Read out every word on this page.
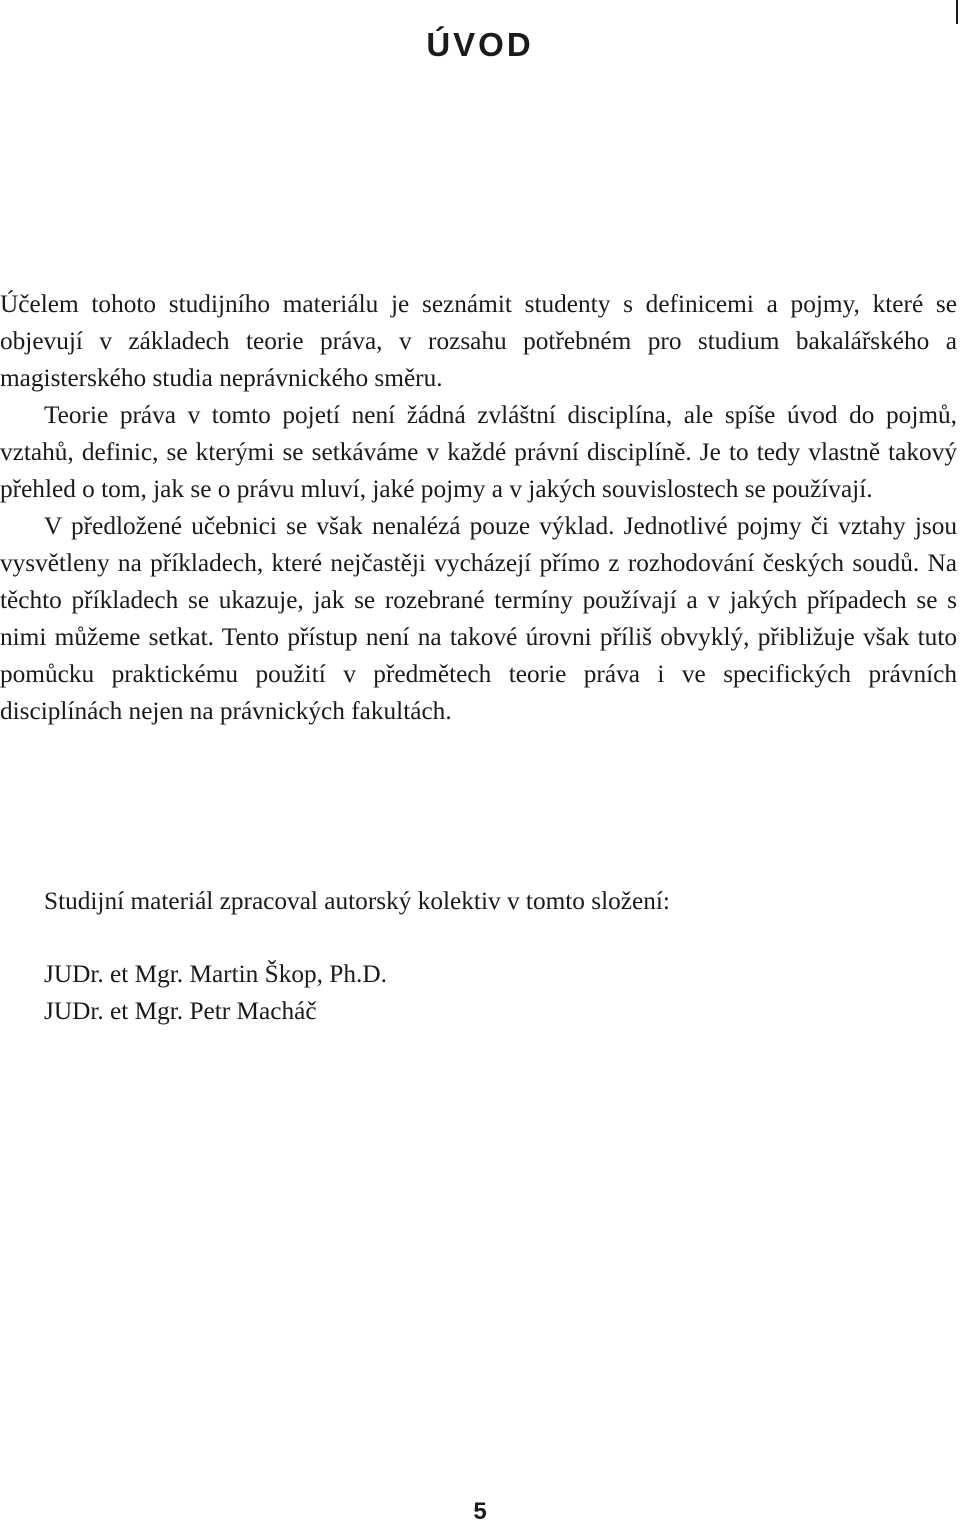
ÚVOD

Účelem tohoto studijního materiálu je seznámit studenty s definicemi a pojmy, které se objevují v základech teorie práva, v rozsahu potřebném pro studium bakalářského a magisterského studia neprávnického směru.

Teorie práva v tomto pojetí není žádná zvláštní disciplína, ale spíše úvod do pojmů, vztahů, definic, se kterými se setkáváme v každé právní disciplíně. Je to tedy vlastně takový přehled o tom, jak se o právu mluví, jaké pojmy a v jakých souvislostech se používají.

V předložené učebnici se však nenalézá pouze výklad. Jednotlivé pojmy či vztahy jsou vysvětleny na příkladech, které nejčastěji vycházejí přímo z rozhodování českých soudů. Na těchto příkladech se ukazuje, jak se rozebrané termíny používají a v jakých případech se s nimi můžeme setkat. Tento přístup není na takové úrovni příliš obvyklý, přibližuje však tuto pomůcku praktickému použití v předmětech teorie práva i ve specifických právních disciplínách nejen na právnických fakultách.

Studijní materiál zpracoval autorský kolektiv v tomto složení:

JUDr. et Mgr. Martin Škop, Ph.D.

JUDr. et Mgr. Petr Macháč

5
